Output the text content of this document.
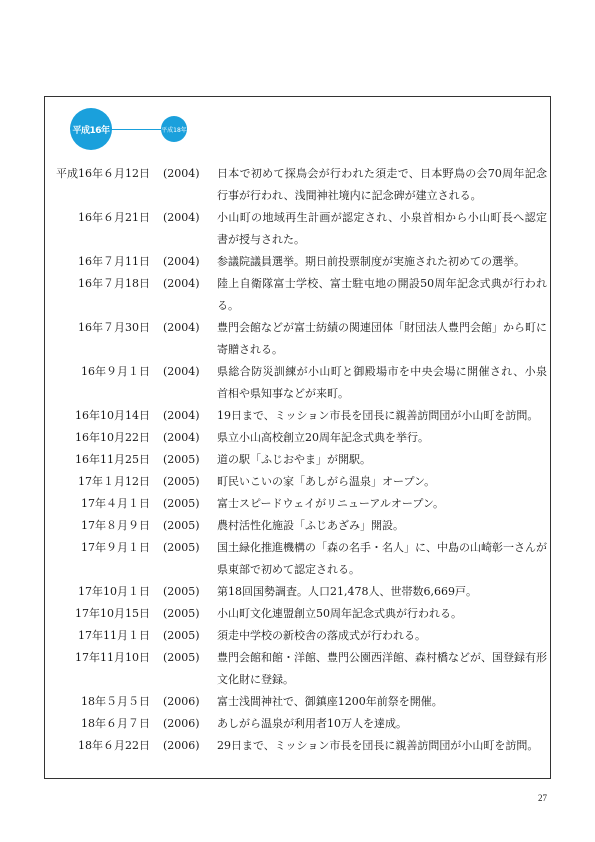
平成16年	平成18年
平成16年６月12日 (2004) 日本で初めて探鳥会が行われた須走で、日本野鳥の会70周年記念行事が行われ、浅間神社境内に記念碑が建立される。
16年６月21日 (2004) 小山町の地域再生計画が認定され、小泉首相から小山町長へ認定書が授与された。
16年７月11日 (2004) 参議院議員選挙。期日前投票制度が実施された初めての選挙。
16年７月18日 (2004) 陸上自衛隊富士学校、富士駐屯地の開設50周年記念式典が行われる。
16年７月30日 (2004) 豊門会館などが富士紡績の関連団体「財団法人豊門会館」から町に寄贈される。
16年９月１日 (2004) 県総合防災訓練が小山町と御殿場市を中央会場に開催され、小泉首相や県知事などが来町。
16年10月14日 (2004) 19日まで、ミッション市長を団長に親善訪問団が小山町を訪問。
16年10月22日 (2004) 県立小山高校創立20周年記念式典を挙行。
16年11月25日 (2005) 道の駅「ふじおやま」が開駅。
17年１月12日 (2005) 町民いこいの家「あしがら温泉」オープン。
17年４月１日 (2005) 富士スピードウェイがリニューアルオープン。
17年８月９日 (2005) 農村活性化施設「ふじあざみ」開設。
17年９月１日 (2005) 国土緑化推進機構の「森の名手・名人」に、中島の山崎彰一さんが県東部で初めて認定される。
17年10月１日 (2005) 第18回国勢調査。人口21,478人、世帯数6,669戸。
17年10月15日 (2005) 小山町文化連盟創立50周年記念式典が行われる。
17年11月１日 (2005) 須走中学校の新校舎の落成式が行われる。
17年11月10日 (2005) 豊門会館和館・洋館、豊門公園西洋館、森村橋などが、国登録有形文化財に登録。
18年５月５日 (2006) 富士浅間神社で、御鎮座1200年前祭を開催。
18年６月７日 (2006) あしがら温泉が利用者10万人を達成。
18年６月22日 (2006) 29日まで、ミッション市長を団長に親善訪問団が小山町を訪問。
27
